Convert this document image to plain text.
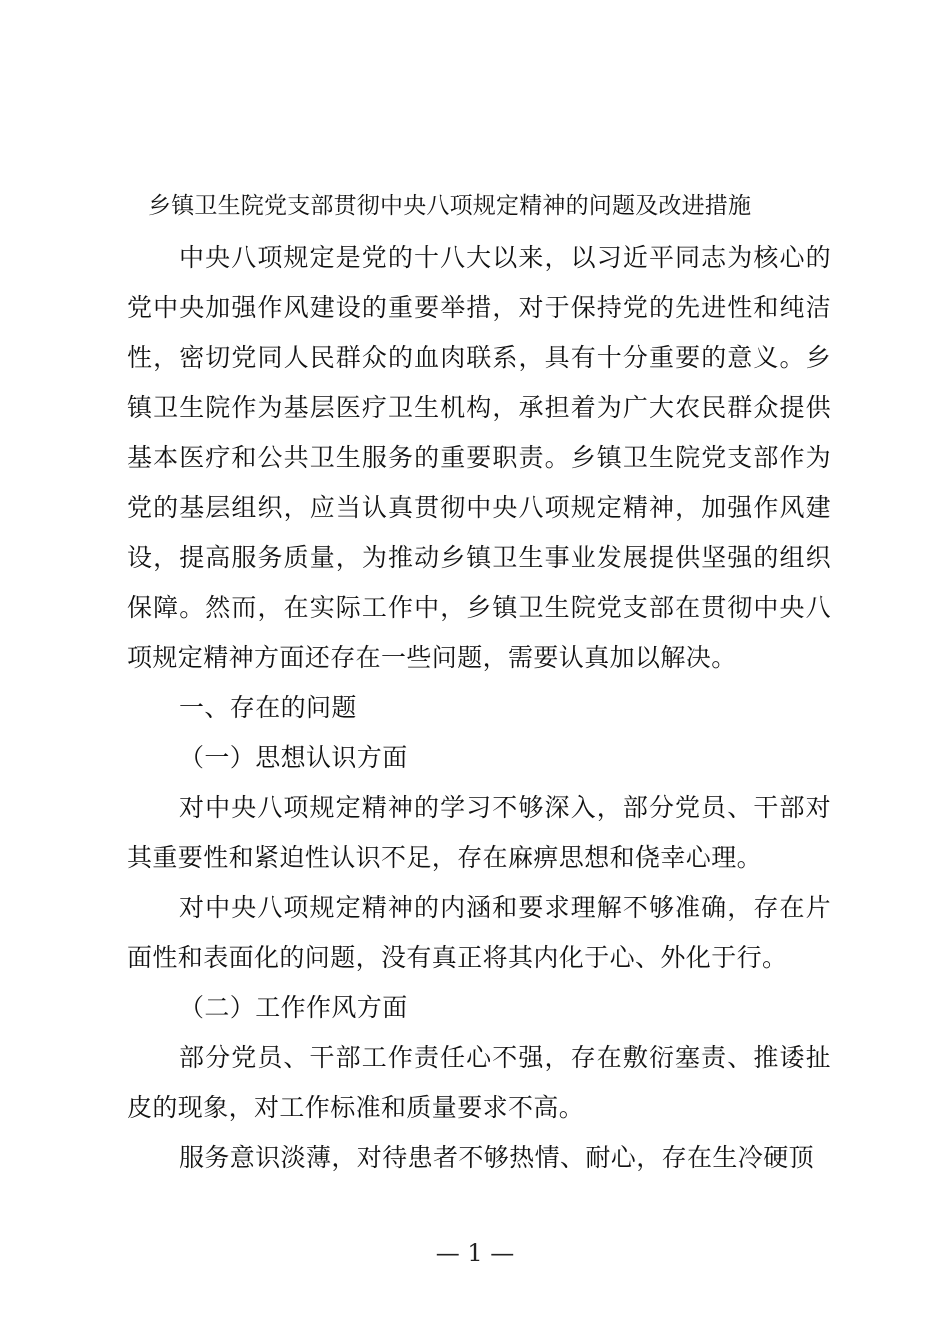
乡镇卫生院党支部贯彻中央八项规定精神的问题及改进措施

中央八项规定是党的十八大以来，以习近平同志为核心的党中央加强作风建设的重要举措，对于保持党的先进性和纯洁性，密切党同人民群众的血肉联系，具有十分重要的意义。乡镇卫生院作为基层医疗卫生机构，承担着为广大农民群众提供基本医疗和公共卫生服务的重要职责。乡镇卫生院党支部作为党的基层组织，应当认真贯彻中央八项规定精神，加强作风建设，提高服务质量，为推动乡镇卫生事业发展提供坚强的组织保障。然而，在实际工作中，乡镇卫生院党支部在贯彻中央八项规定精神方面还存在一些问题，需要认真加以解决。

一、存在的问题

（一）思想认识方面

对中央八项规定精神的学习不够深入，部分党员、干部对其重要性和紧迫性认识不足，存在麻痹思想和侥幸心理。

对中央八项规定精神的内涵和要求理解不够准确，存在片面性和表面化的问题，没有真正将其内化于心、外化于行。

（二）工作作风方面

部分党员、干部工作责任心不强，存在敷衍塞责、推诿扯皮的现象，对工作标准和质量要求不高。

服务意识淡薄，对待患者不够热情、耐心，存在生冷硬顶

— 1 —
